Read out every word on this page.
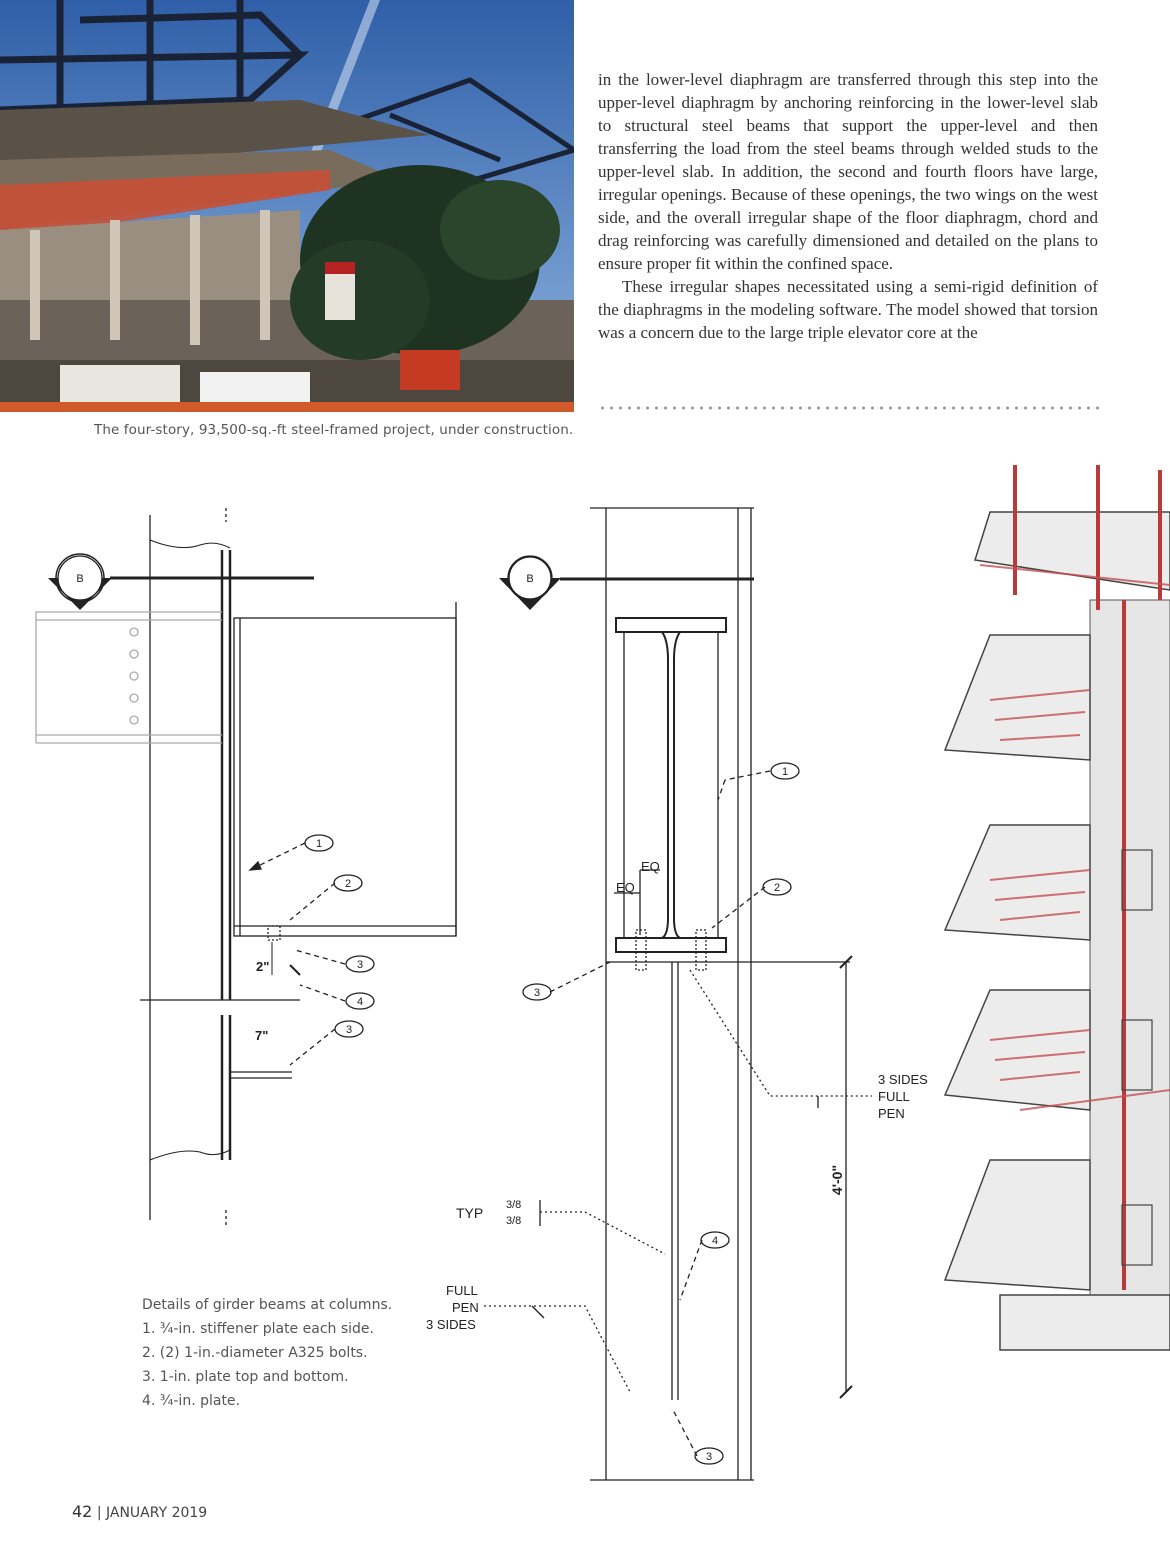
The four-story, 93,500-sq.-ft steel-framed project, under construction.

in the lower-level diaphragm are transferred through this step into the upper-level diaphragm by anchoring reinforcing in the lower-level slab to structural steel beams that support the upper-level and then transferring the load from the steel beams through welded studs to the upper-level slab. In addition, the second and fourth floors have large, irregular openings. Because of these openings, the two wings on the west side, and the overall irregular shape of the floor diaphragm, chord and drag reinforcing was carefully dimensioned and detailed on the plans to ensure proper fit within the confined space.

These irregular shapes necessitated using a semi-rigid definition of the diaphragms in the modeling software. The model showed that torsion was a concern due to the large triple elevator core at the

B
1
2
3
4
3
2"
7"
B
1
2
3
4
3
EQ
EQ
3 SIDES
FULL
PEN
TYP 3/8
3/8
FULL
PEN
3 SIDES
4'-0"
Details of girder beams at columns.
1. ¾-in. stiffener plate each side.
2. (2) 1-in.-diameter A325 bolts.
3. 1-in. plate top and bottom.
4. ¾-in. plate.
42 | JANUARY 2019
